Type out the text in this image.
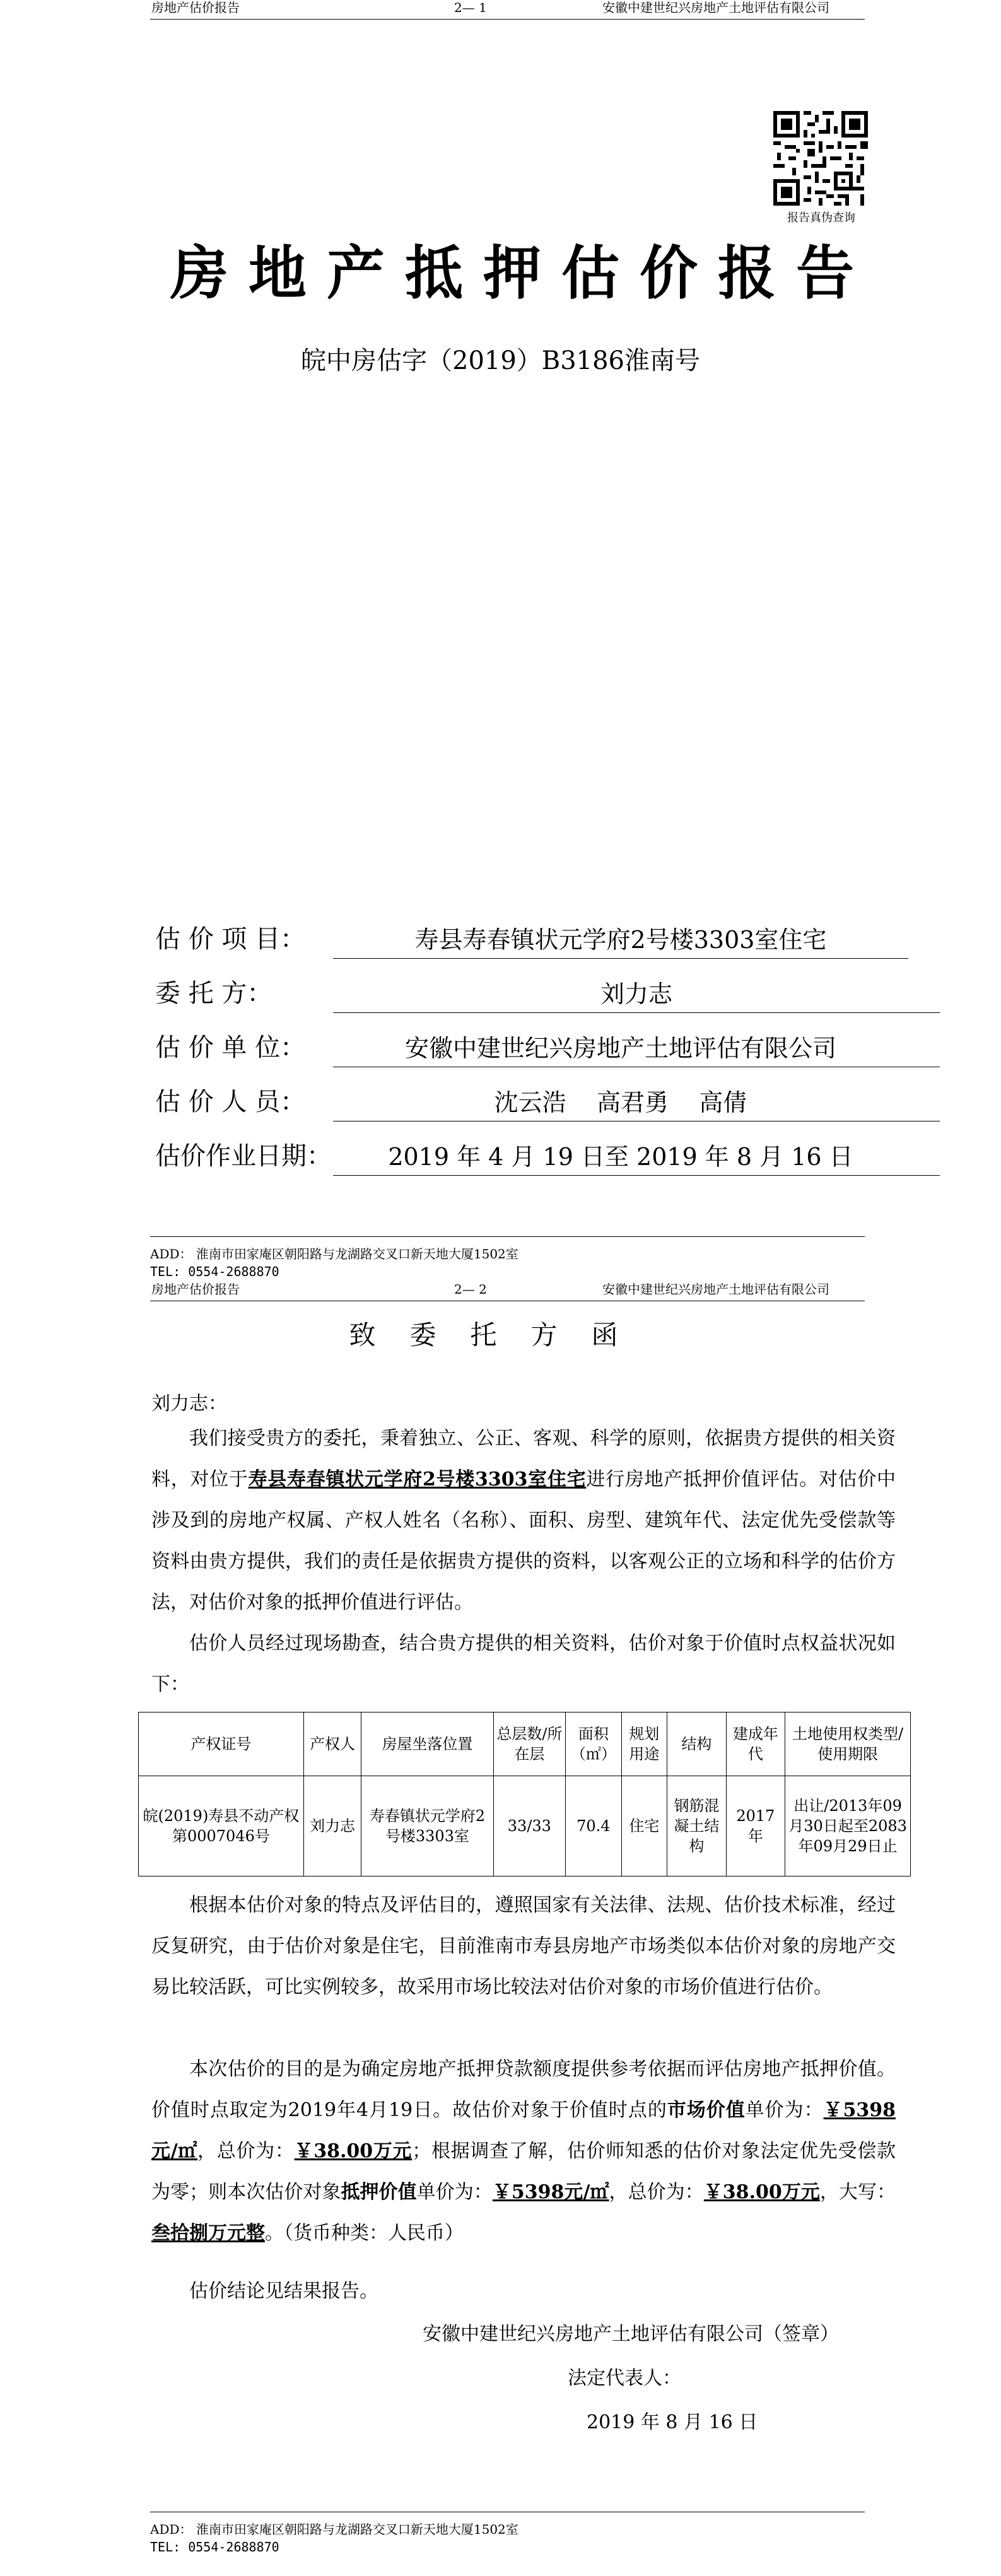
房地产估价报告	2— 1	安徽中建世纪兴房地产土地评估有限公司
报告真伪查询
房地产抵押估价报告
皖中房估字（2019）B3186淮南号
估 价 项 目：	寿县寿春镇状元学府2号楼3303室住宅
委 托 方：	刘力志
估 价 单 位：	安徽中建世纪兴房地产土地评估有限公司
估 价 人 员：	沈云浩    高君勇    高倩
估价作业日期：	2019 年 4 月 19 日至 2019 年 8 月 16 日
ADD： 淮南市田家庵区朝阳路与龙湖路交叉口新天地大厦1502室
TEL: 0554-2688870
房地产估价报告	2— 2	安徽中建世纪兴房地产土地评估有限公司
致委托方函
刘力志：
我们接受贵方的委托，秉着独立、公正、客观、科学的原则，依据贵方提供的相关资料，对位于寿县寿春镇状元学府2号楼3303室住宅进行房地产抵押价值评估。对估价中涉及到的房地产权属、产权人姓名（名称）、面积、房型、建筑年代、法定优先受偿款等资料由贵方提供，我们的责任是依据贵方提供的资料，以客观公正的立场和科学的估价方法，对估价对象的抵押价值进行评估。
估价人员经过现场勘查，结合贵方提供的相关资料，估价对象于价值时点权益状况如下：
产权证号	产权人	房屋坐落位置	总层数/所在层	面积（㎡）	规划用途	结构	建成年代	土地使用权类型/使用期限
皖(2019)寿县不动产权第0007046号	刘力志	寿春镇状元学府2号楼3303室	33/33	70.4	住宅	钢筋混凝土结构	2017年	出让/2013年09月30日起至2083年09月29日止
根据本估价对象的特点及评估目的，遵照国家有关法律、法规、估价技术标准，经过反复研究，由于估价对象是住宅，目前淮南市寿县房地产市场类似本估价对象的房地产交易比较活跃，可比实例较多，故采用市场比较法对估价对象的市场价值进行估价。
本次估价的目的是为确定房地产抵押贷款额度提供参考依据而评估房地产抵押价值。价值时点取定为2019年4月19日。故估价对象于价值时点的市场价值单价为：￥5398元/㎡，总价为：￥38.00万元；根据调查了解，估价师知悉的估价对象法定优先受偿款为零；则本次估价对象抵押价值单价为：￥5398元/㎡，总价为：￥38.00万元，大写：叁拾捌万元整。（货币种类：人民币）
估价结论见结果报告。
安徽中建世纪兴房地产土地评估有限公司（签章）
法定代表人：
2019 年 8 月 16 日
ADD： 淮南市田家庵区朝阳路与龙湖路交叉口新天地大厦1502室
TEL: 0554-2688870
